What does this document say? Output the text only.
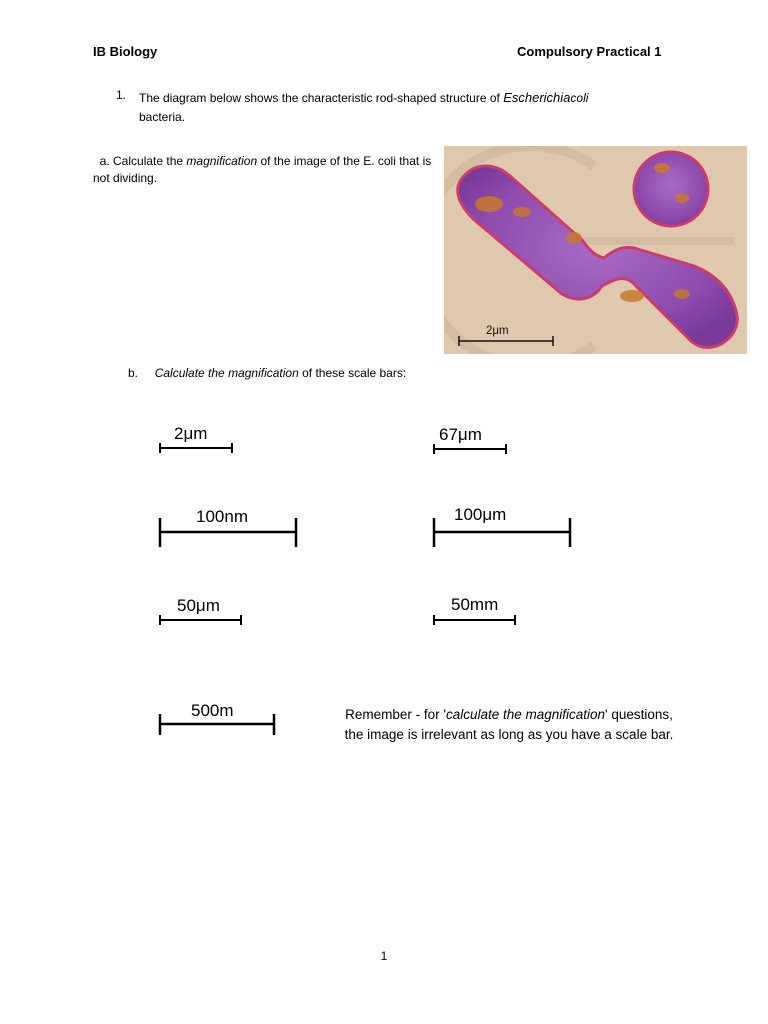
IB Biology	Compulsory Practical 1
1. The diagram below shows the characteristic rod-shaped structure of Escherichiacoli
bacteria.
a. Calculate the magnification of the image of the E. coli that is not dividing.
2μm
b. Calculate the magnification of these scale bars:
2μm	67μm
100nm	100μm
50μm	50mm
500m	Remember - for 'calculate the magnification' questions,
the image is irrelevant as long as you have a scale bar.
1
